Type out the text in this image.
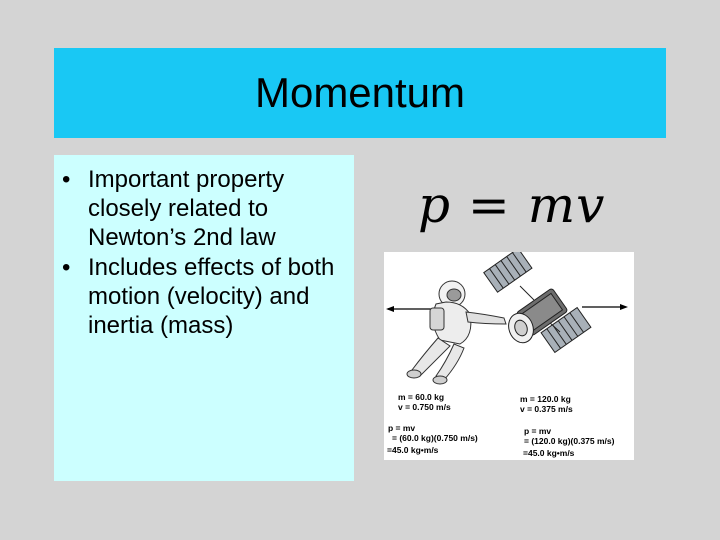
Momentum
• Important property closely related to Newton’s 2nd law
• Includes effects of both motion (velocity) and inertia (mass)
p = mv
m = 60.0 kg
v = 0.750 m/s
p = mv
= (60.0 kg)(0.750 m/s)
=45.0 kg•m/s
m = 120.0 kg
v = 0.375 m/s
p = mv
= (120.0 kg)(0.375 m/s)
=45.0 kg•m/s
